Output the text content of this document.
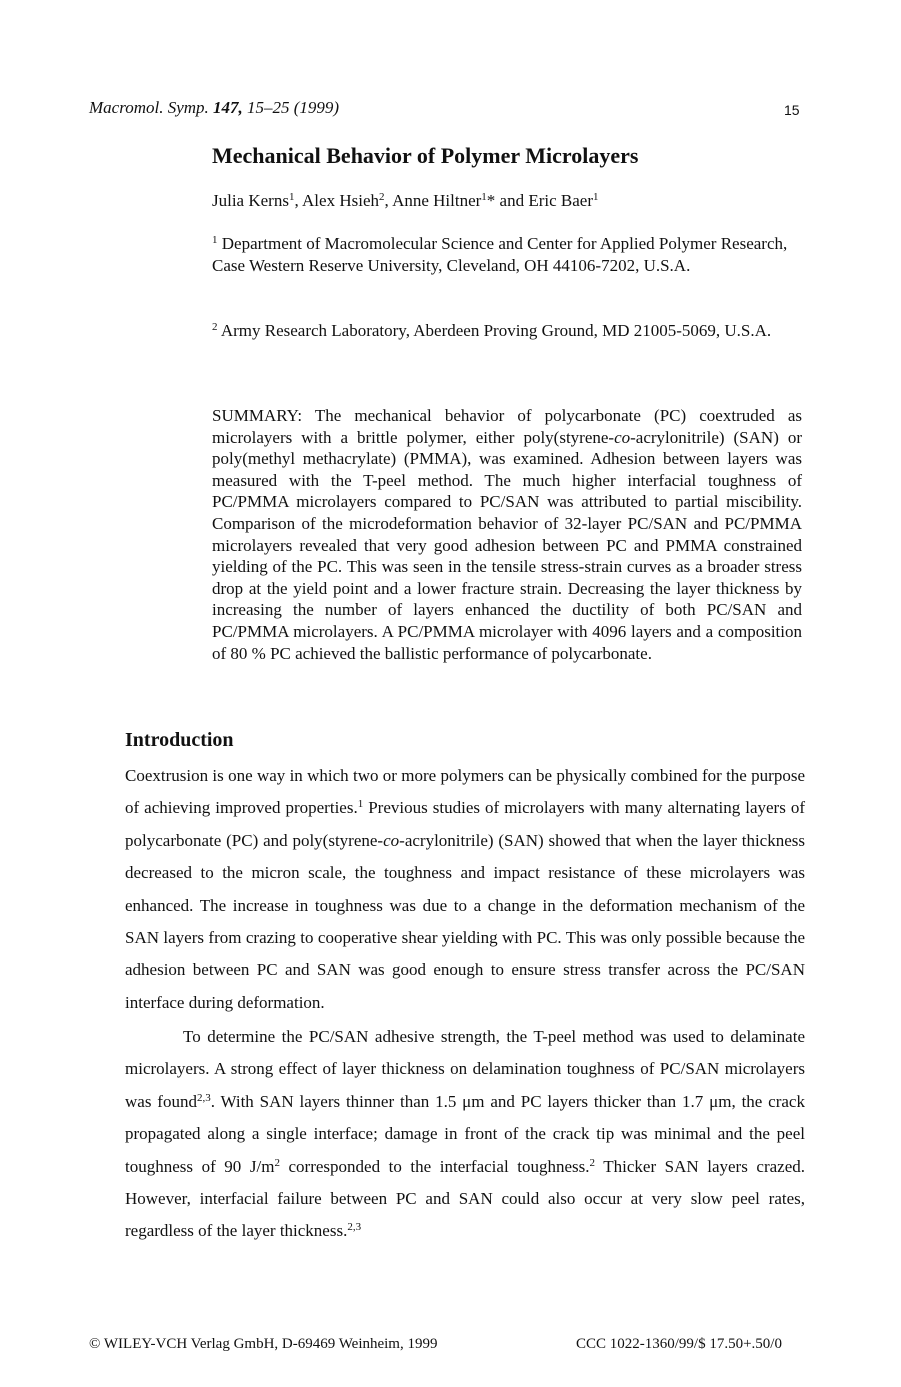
Macromol. Symp. 147, 15–25 (1999)	15
Mechanical Behavior of Polymer Microlayers
Julia Kerns$^1$, Alex Hsieh$^2$, Anne Hiltner$^1$* and Eric Baer$^1$
$^1$ Department of Macromolecular Science and Center for Applied Polymer Research, Case Western Reserve University, Cleveland, OH 44106-7202, U.S.A.
$^2$ Army Research Laboratory, Aberdeen Proving Ground, MD 21005-5069, U.S.A.
SUMMARY: The mechanical behavior of polycarbonate (PC) coextruded as microlayers with a brittle polymer, either poly(styrene-co-acrylonitrile) (SAN) or poly(methyl methacrylate) (PMMA), was examined. Adhesion between layers was measured with the T-peel method. The much higher interfacial toughness of PC/PMMA microlayers compared to PC/SAN was attributed to partial miscibility. Comparison of the microdeformation behavior of 32-layer PC/SAN and PC/PMMA microlayers revealed that very good adhesion between PC and PMMA constrained yielding of the PC. This was seen in the tensile stress-strain curves as a broader stress drop at the yield point and a lower fracture strain. Decreasing the layer thickness by increasing the number of layers enhanced the ductility of both PC/SAN and PC/PMMA microlayers. A PC/PMMA microlayer with 4096 layers and a composition of 80 % PC achieved the ballistic performance of polycarbonate.
Introduction
Coextrusion is one way in which two or more polymers can be physically combined for the purpose of achieving improved properties.$^1$ Previous studies of microlayers with many alternating layers of polycarbonate (PC) and poly(styrene-co-acrylonitrile) (SAN) showed that when the layer thickness decreased to the micron scale, the toughness and impact resistance of these microlayers was enhanced. The increase in toughness was due to a change in the deformation mechanism of the SAN layers from crazing to cooperative shear yielding with PC. This was only possible because the adhesion between PC and SAN was good enough to ensure stress transfer across the PC/SAN interface during deformation.
To determine the PC/SAN adhesive strength, the T-peel method was used to delaminate microlayers. A strong effect of layer thickness on delamination toughness of PC/SAN microlayers was found$^{2,3}$. With SAN layers thinner than 1.5 μm and PC layers thicker than 1.7 μm, the crack propagated along a single interface; damage in front of the crack tip was minimal and the peel toughness of 90 $J/m^2$ corresponded to the interfacial toughness.$^2$ Thicker SAN layers crazed. However, interfacial failure between PC and SAN could also occur at very slow peel rates, regardless of the layer thickness.$^{2,3}$
© WILEY-VCH Verlag GmbH, D-69469 Weinheim, 1999	CCC 1022-1360/99/$ 17.50+.50/0
